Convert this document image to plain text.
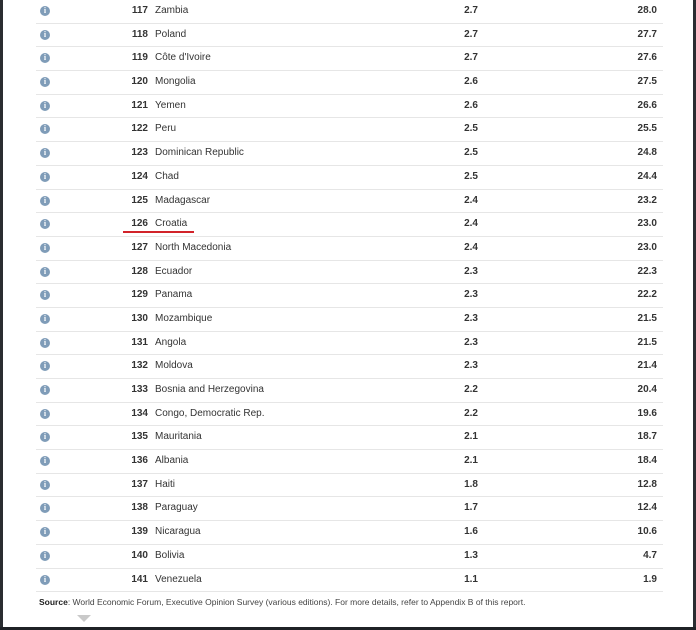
i	117 Zambia	2.7	28.0
i	118 Poland	2.7	27.7
i	119 Côte d'Ivoire	2.7	27.6
i	120 Mongolia	2.6	27.5
i	121 Yemen	2.6	26.6
i	122 Peru	2.5	25.5
i	123 Dominican Republic	2.5	24.8
i	124 Chad	2.5	24.4
i	125 Madagascar	2.4	23.2
i	126 Croatia	2.4	23.0
i	127 North Macedonia	2.4	23.0
i	128 Ecuador	2.3	22.3
i	129 Panama	2.3	22.2
i	130 Mozambique	2.3	21.5
i	131 Angola	2.3	21.5
i	132 Moldova	2.3	21.4
i	133 Bosnia and Herzegovina	2.2	20.4
i	134 Congo, Democratic Rep.	2.2	19.6
i	135 Mauritania	2.1	18.7
i	136 Albania	2.1	18.4
i	137 Haiti	1.8	12.8
i	138 Paraguay	1.7	12.4
i	139 Nicaragua	1.6	10.6
i	140 Bolivia	1.3	4.7
i	141 Venezuela	1.1	1.9
Source: World Economic Forum, Executive Opinion Survey (various editions). For more details, refer to Appendix B of this report.
